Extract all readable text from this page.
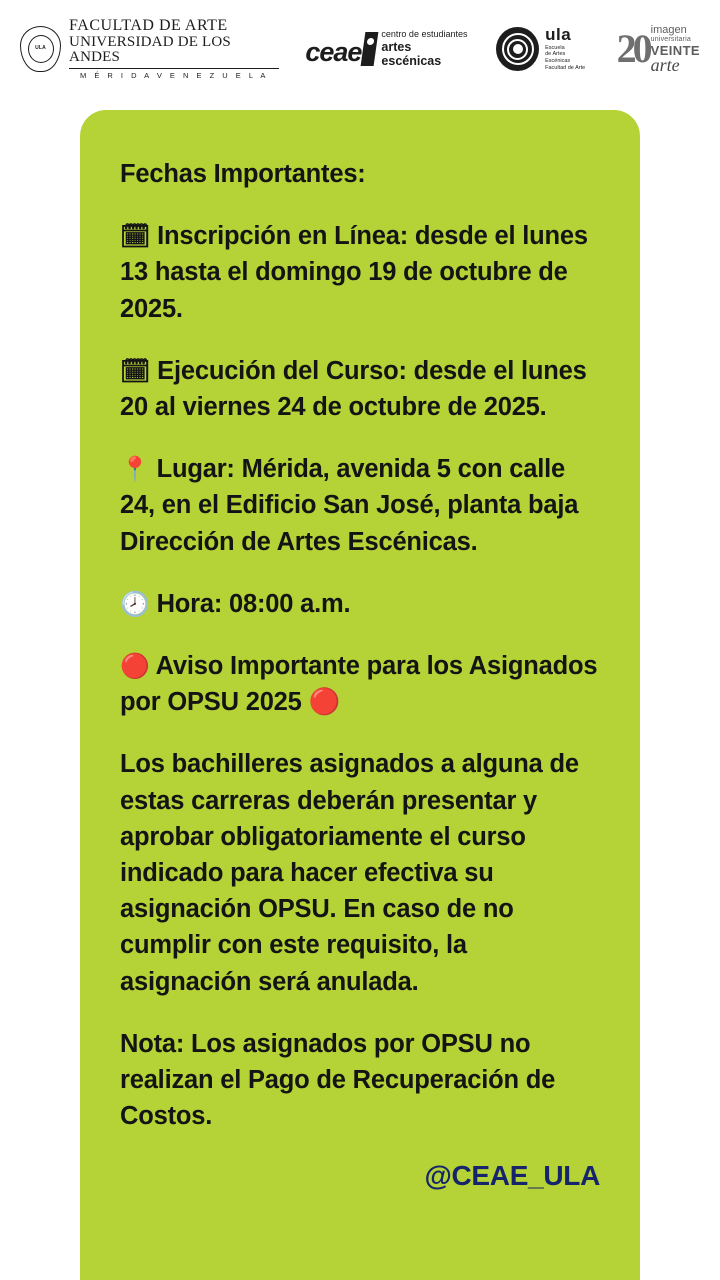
ULA
FACULTAD DE ARTE
UNIVERSIDAD DE LOS ANDES
M É R I D A V E N E Z U E L A
ceae
centro de estudiantes
artes escénicas
ula
Escuela
de Artes Escénicas
Facultad de Arte 20 imagen
universitaria
VEINTE
arte

Fechas Importantes:

🗓 Inscripción en Línea: desde el lunes 13 hasta el domingo 19 de octubre de 2025.

🗓 Ejecución del Curso: desde el lunes 20 al viernes 24 de octubre de 2025.

📍 Lugar: Mérida, avenida 5 con calle 24, en el Edificio San José, planta baja Dirección de Artes Escénicas.

🕗 Hora: 08:00 a.m.

🔴 Aviso Importante para los Asignados por OPSU 2025 🔴

Los bachilleres asignados a alguna de estas carreras deberán presentar y aprobar obligatoriamente el curso indicado para hacer efectiva su asignación OPSU. En caso de no cumplir con este requisito, la asignación será anulada.

Nota: Los asignados por OPSU no realizan el Pago de Recuperación de Costos.

@CEAE_ULA
